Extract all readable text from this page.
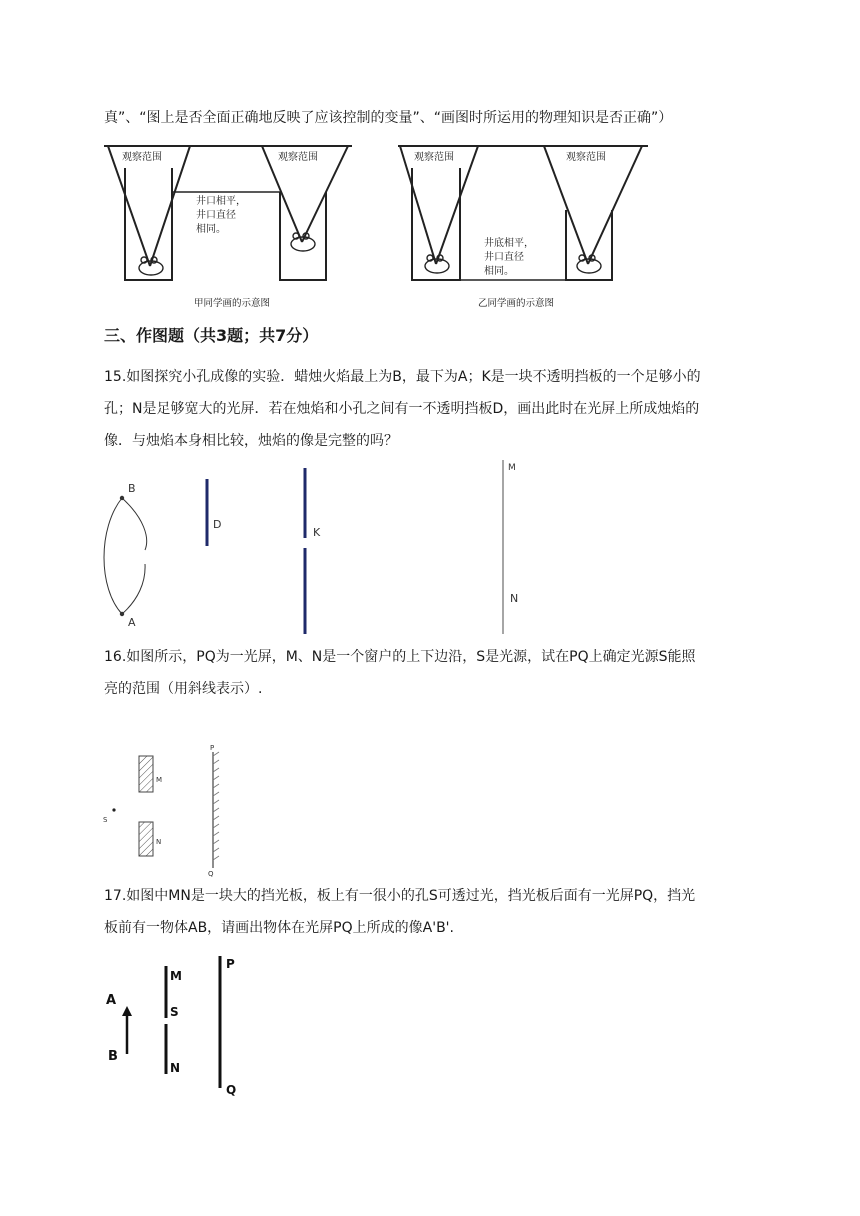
真”、“图上是否全面正确地反映了应该控制的变量”、“画图时所运用的物理知识是否正确”）
观察范围	观察范围	观察范围	观察范围
井口相平，
井口直径
相同。
井底相平，
井口直径
相同。
甲同学画的示意图	乙同学画的示意图
三、作图题（共3题；共7分）
15.如图探究小孔成像的实验．蜡烛火焰最上为B，最下为A；K是一块不透明挡板的一个足够小的
孔；N是足够宽大的光屏．若在烛焰和小孔之间有一不透明挡板D，画出此时在光屏上所成烛焰的
像．与烛焰本身相比较，烛焰的像是完整的吗？
B
A
D
K
M
N
16.如图所示，PQ为一光屏，M、N是一个窗户的上下边沿，S是光源，试在PQ上确定光源S能照
亮的范围（用斜线表示）.
P
M
S
N
Q
17.如图中MN是一块大的挡光板，板上有一很小的孔S可透过光，挡光板后面有一光屏PQ，挡光
板前有一物体AB，请画出物体在光屏PQ上所成的像A'B'.
A
B
M
S
N
P
Q
